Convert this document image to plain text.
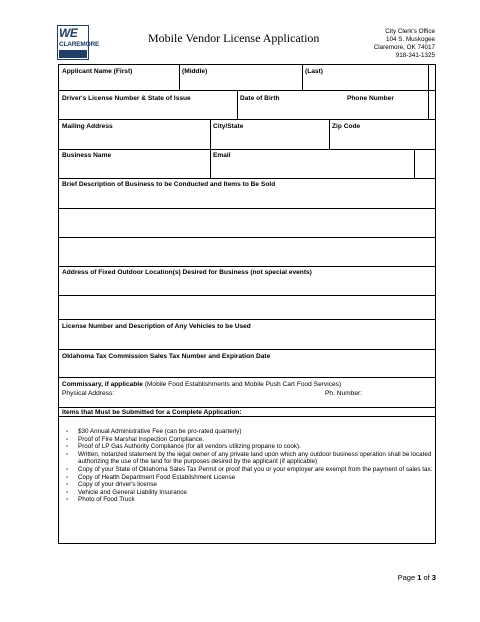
WE
CLAREMORE	Mobile Vendor License Application	City Clerk's Office
104 S. Muskogee
Claremore, OK 74017
918-341-1325
Applicant Name (First)	(Middle)	(Last)
Driver's License Number & State of Issue	Date of Birth	Phone Number
Mailing Address	City/State	Zip Code
Business Name	Email
Brief Description of Business to be Conducted and Items to Be Sold
Address of Fixed Outdoor Location(s) Desired for Business (not special events)
License Number and Description of Any Vehicles to be Used
Oklahoma Tax Commission Sales Tax Number and Expiration Date
Commissary, if applicable (Mobile Food Establishments and Mobile Push Cart Food Services)
Physical Address:	Ph. Number:
Items that Must be Submitted for a Complete Application:
▫ $30 Annual Administrative Fee (can be pro-rated quarterly)
▫ Proof of Fire Marshal Inspection Compliance.
▫ Proof of LP Gas Authority Compliance (for all vendors utilizing propane to cook).
▫ Written, notarized statement by the legal owner of any private land upon which any outdoor business operation shall be located authorizing the use of the land for the purposes desired by the applicant (if applicable)
▫ Copy of your State of Oklahoma Sales Tax Permit or proof that you or your employer are exempt from the payment of sales tax.
▫ Copy of Health Department Food Establishment License
▫ Copy of your driver's license
▫ Vehicle and General Liability Insurance
▫ Photo of Food Truck
Page 1 of 3
